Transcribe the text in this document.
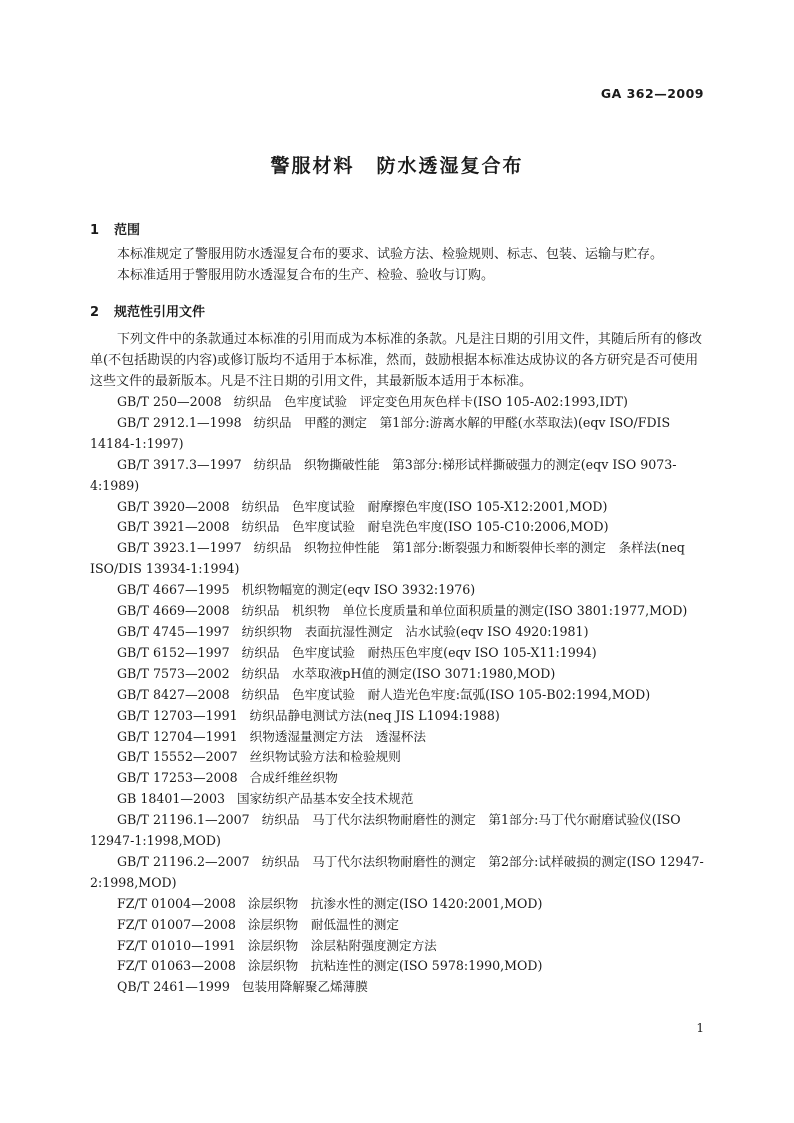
GA 362—2009
警服材料 防水透湿复合布
1 范围
本标准规定了警服用防水透湿复合布的要求、试验方法、检验规则、标志、包装、运输与贮存。
本标准适用于警服用防水透湿复合布的生产、检验、验收与订购。
2 规范性引用文件
下列文件中的条款通过本标准的引用而成为本标准的条款。凡是注日期的引用文件，其随后所有的修改单(不包括勘误的内容)或修订版均不适用于本标准，然而，鼓励根据本标准达成协议的各方研究是否可使用这些文件的最新版本。凡是不注日期的引用文件，其最新版本适用于本标准。

GB/T 250—2008 纺织品　色牢度试验　评定变色用灰色样卡(ISO 105-A02:1993,IDT)

GB/T 2912.1—1998 纺织品　甲醛的测定　第1部分:游离水解的甲醛(水萃取法)(eqv ISO/FDIS 14184-1:1997)

GB/T 3917.3—1997 纺织品　织物撕破性能　第3部分:梯形试样撕破强力的测定(eqv ISO 9073-4:1989)

GB/T 3920—2008 纺织品　色牢度试验　耐摩擦色牢度(ISO 105-X12:2001,MOD)

GB/T 3921—2008 纺织品　色牢度试验　耐皂洗色牢度(ISO 105-C10:2006,MOD)

GB/T 3923.1—1997 纺织品　织物拉伸性能　第1部分:断裂强力和断裂伸长率的测定　条样法(neq ISO/DIS 13934-1:1994)

GB/T 4667—1995 机织物幅宽的测定(eqv ISO 3932:1976)

GB/T 4669—2008 纺织品　机织物　单位长度质量和单位面积质量的测定(ISO 3801:1977,MOD)

GB/T 4745—1997 纺织织物　表面抗湿性测定　沾水试验(eqv ISO 4920:1981)

GB/T 6152—1997 纺织品　色牢度试验　耐热压色牢度(eqv ISO 105-X11:1994)

GB/T 7573—2002 纺织品　水萃取液pH值的测定(ISO 3071:1980,MOD)

GB/T 8427—2008 纺织品　色牢度试验　耐人造光色牢度:氙弧(ISO 105-B02:1994,MOD)

GB/T 12703—1991 纺织品静电测试方法(neq JIS L1094:1988)

GB/T 12704—1991 织物透湿量测定方法　透湿杯法

GB/T 15552—2007 丝织物试验方法和检验规则

GB/T 17253—2008 合成纤维丝织物

GB 18401—2003 国家纺织产品基本安全技术规范

GB/T 21196.1—2007 纺织品　马丁代尔法织物耐磨性的测定　第1部分:马丁代尔耐磨试验仪(ISO 12947-1:1998,MOD)

GB/T 21196.2—2007 纺织品　马丁代尔法织物耐磨性的测定　第2部分:试样破损的测定(ISO 12947-2:1998,MOD)

FZ/T 01004—2008 涂层织物　抗渗水性的测定(ISO 1420:2001,MOD)

FZ/T 01007—2008 涂层织物　耐低温性的测定

FZ/T 01010—1991 涂层织物　涂层粘附强度测定方法

FZ/T 01063—2008 涂层织物　抗粘连性的测定(ISO 5978:1990,MOD)

QB/T 2461—1999 包装用降解聚乙烯薄膜

1
